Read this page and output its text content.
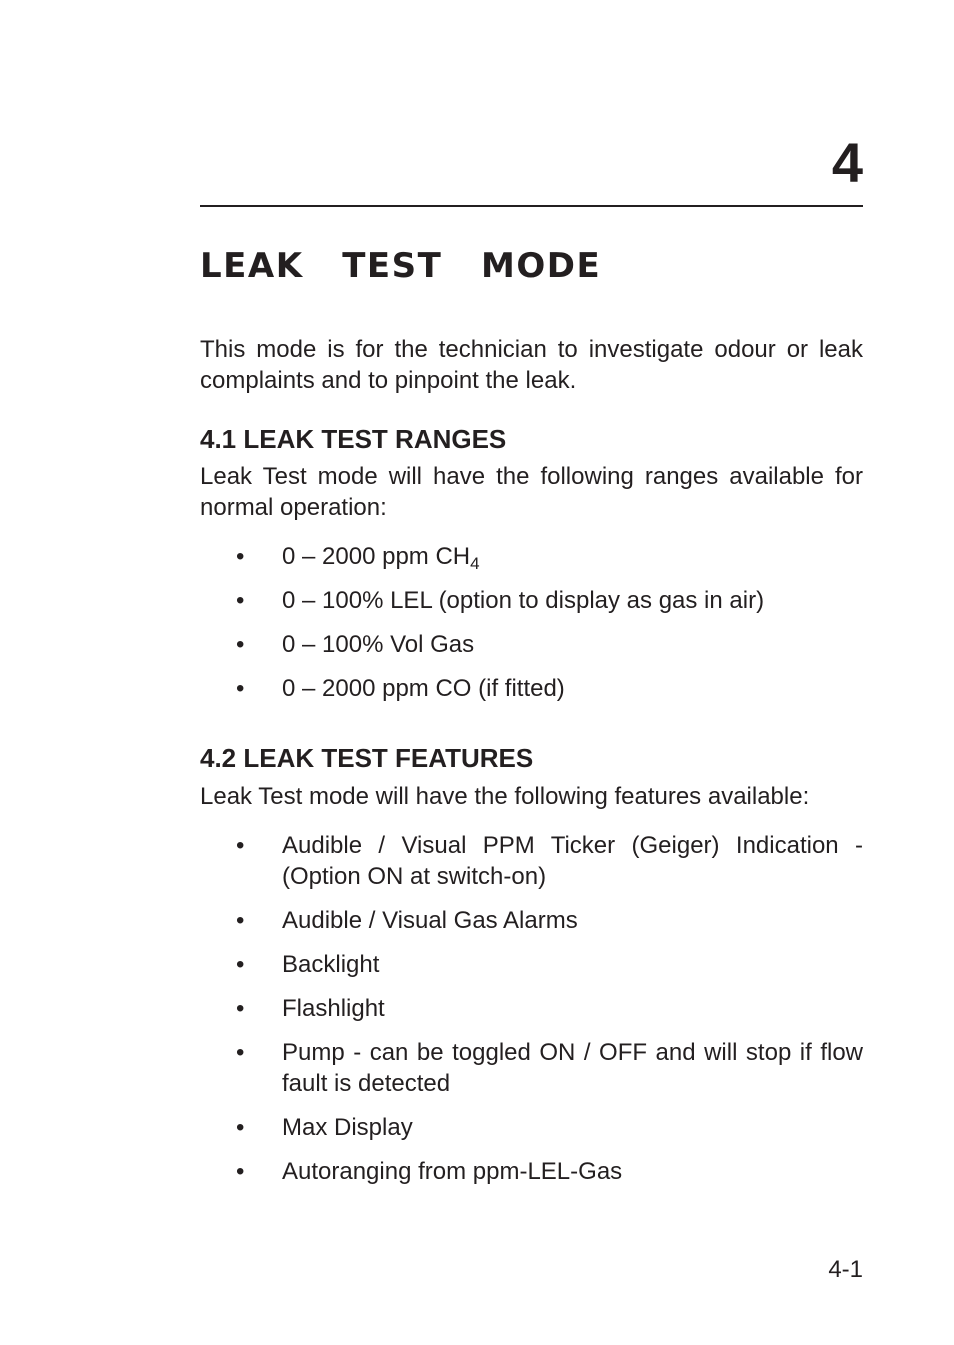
4
LEAK  TEST  MODE

This mode is for the technician to investigate odour or leak complaints and to pinpoint the leak.

4.1 LEAK TEST RANGES

Leak Test mode will have the following ranges available for normal operation:

• 0 – 2000 ppm $CH_4$
• 0 – 100% LEL (option to display as gas in air)
• 0 – 100% Vol Gas
• 0 – 2000 ppm CO (if fitted)
4.2 LEAK TEST FEATURES

Leak Test mode will have the following features available:

• Audible / Visual PPM Ticker (Geiger) Indication - (Option ON at switch-on)
• Audible / Visual Gas Alarms
• Backlight
• Flashlight
• Pump - can be toggled ON / OFF and will stop if flow fault is detected
• Max Display
• Autoranging from ppm-LEL-Gas
4-1
